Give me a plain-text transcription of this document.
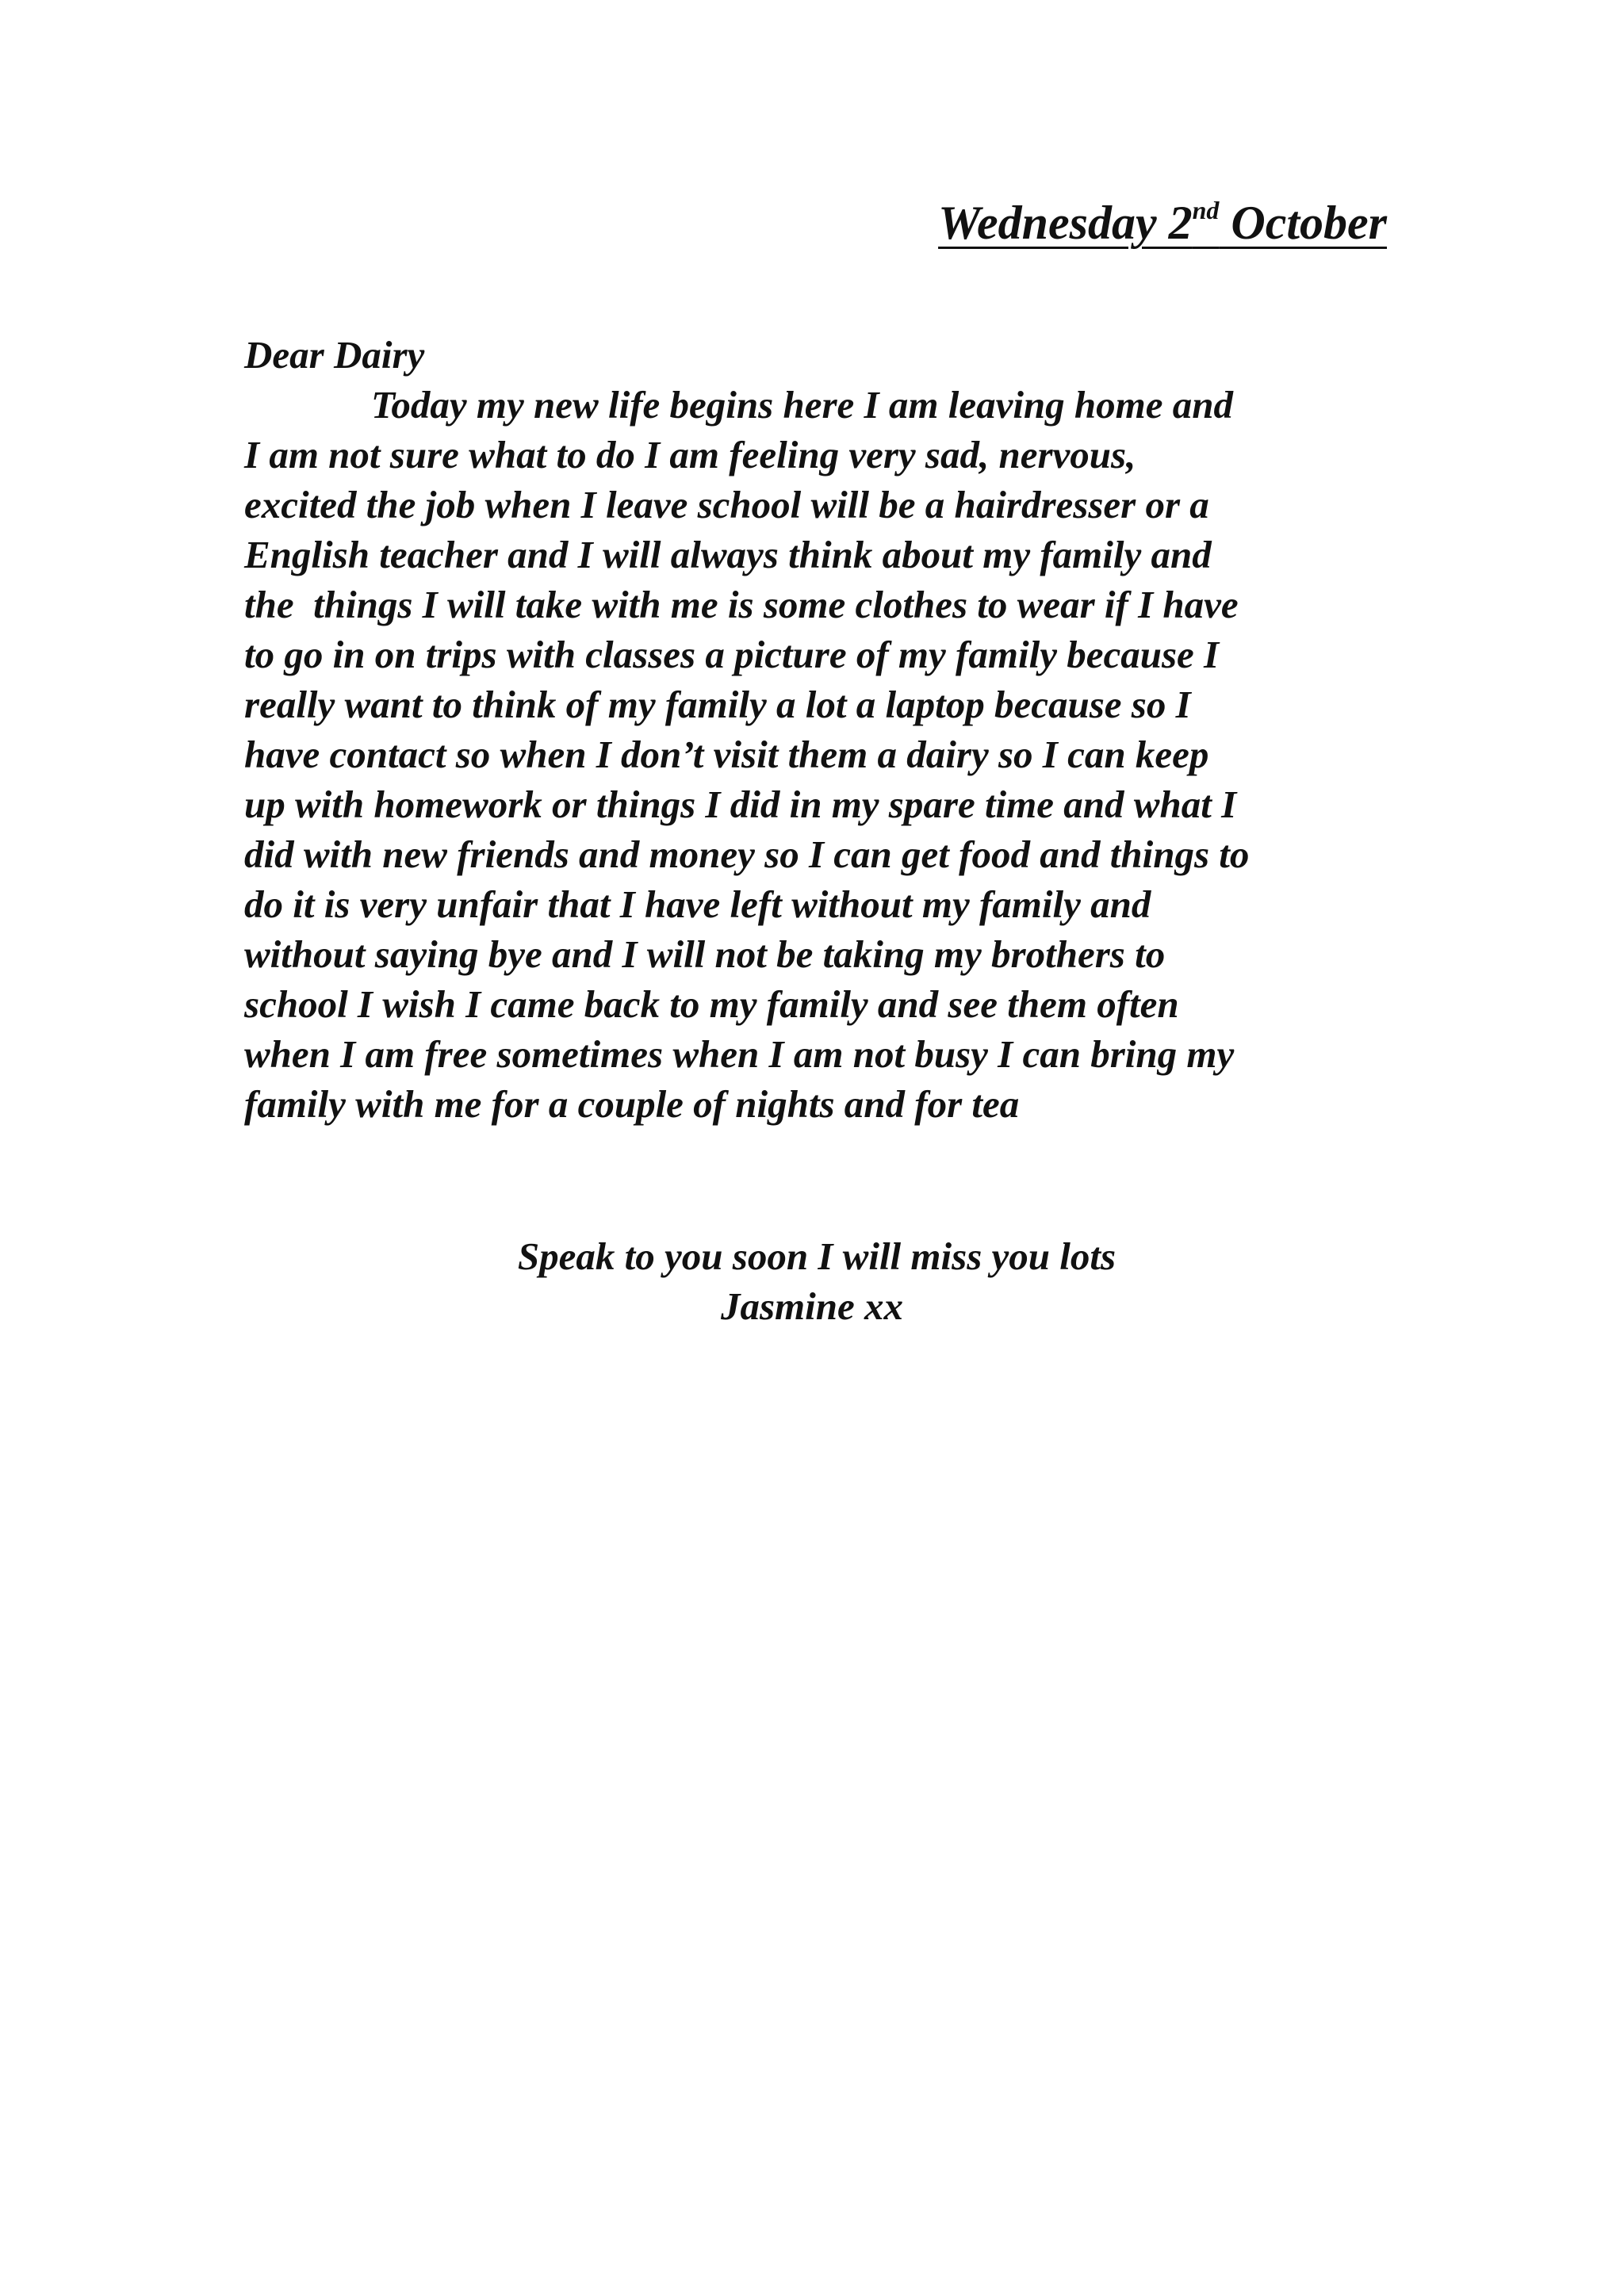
Wednesday 2nd October
Dear Dairy
Today my new life begins here I am leaving home and
I am not sure what to do I am feeling very sad, nervous,
excited the job when I leave school will be a hairdresser or a
English teacher and I will always think about my family and
the  things I will take with me is some clothes to wear if I have
to go in on trips with classes a picture of my family because I
really want to think of my family a lot a laptop because so I
have contact so when I don’t visit them a dairy so I can keep
up with homework or things I did in my spare time and what I
did with new friends and money so I can get food and things to
do it is very unfair that I have left without my family and
without saying bye and I will not be taking my brothers to
school I wish I came back to my family and see them often
when I am free sometimes when I am not busy I can bring my
family with me for a couple of nights and for tea
Speak to you soon I will miss you lots
Jasmine xx
